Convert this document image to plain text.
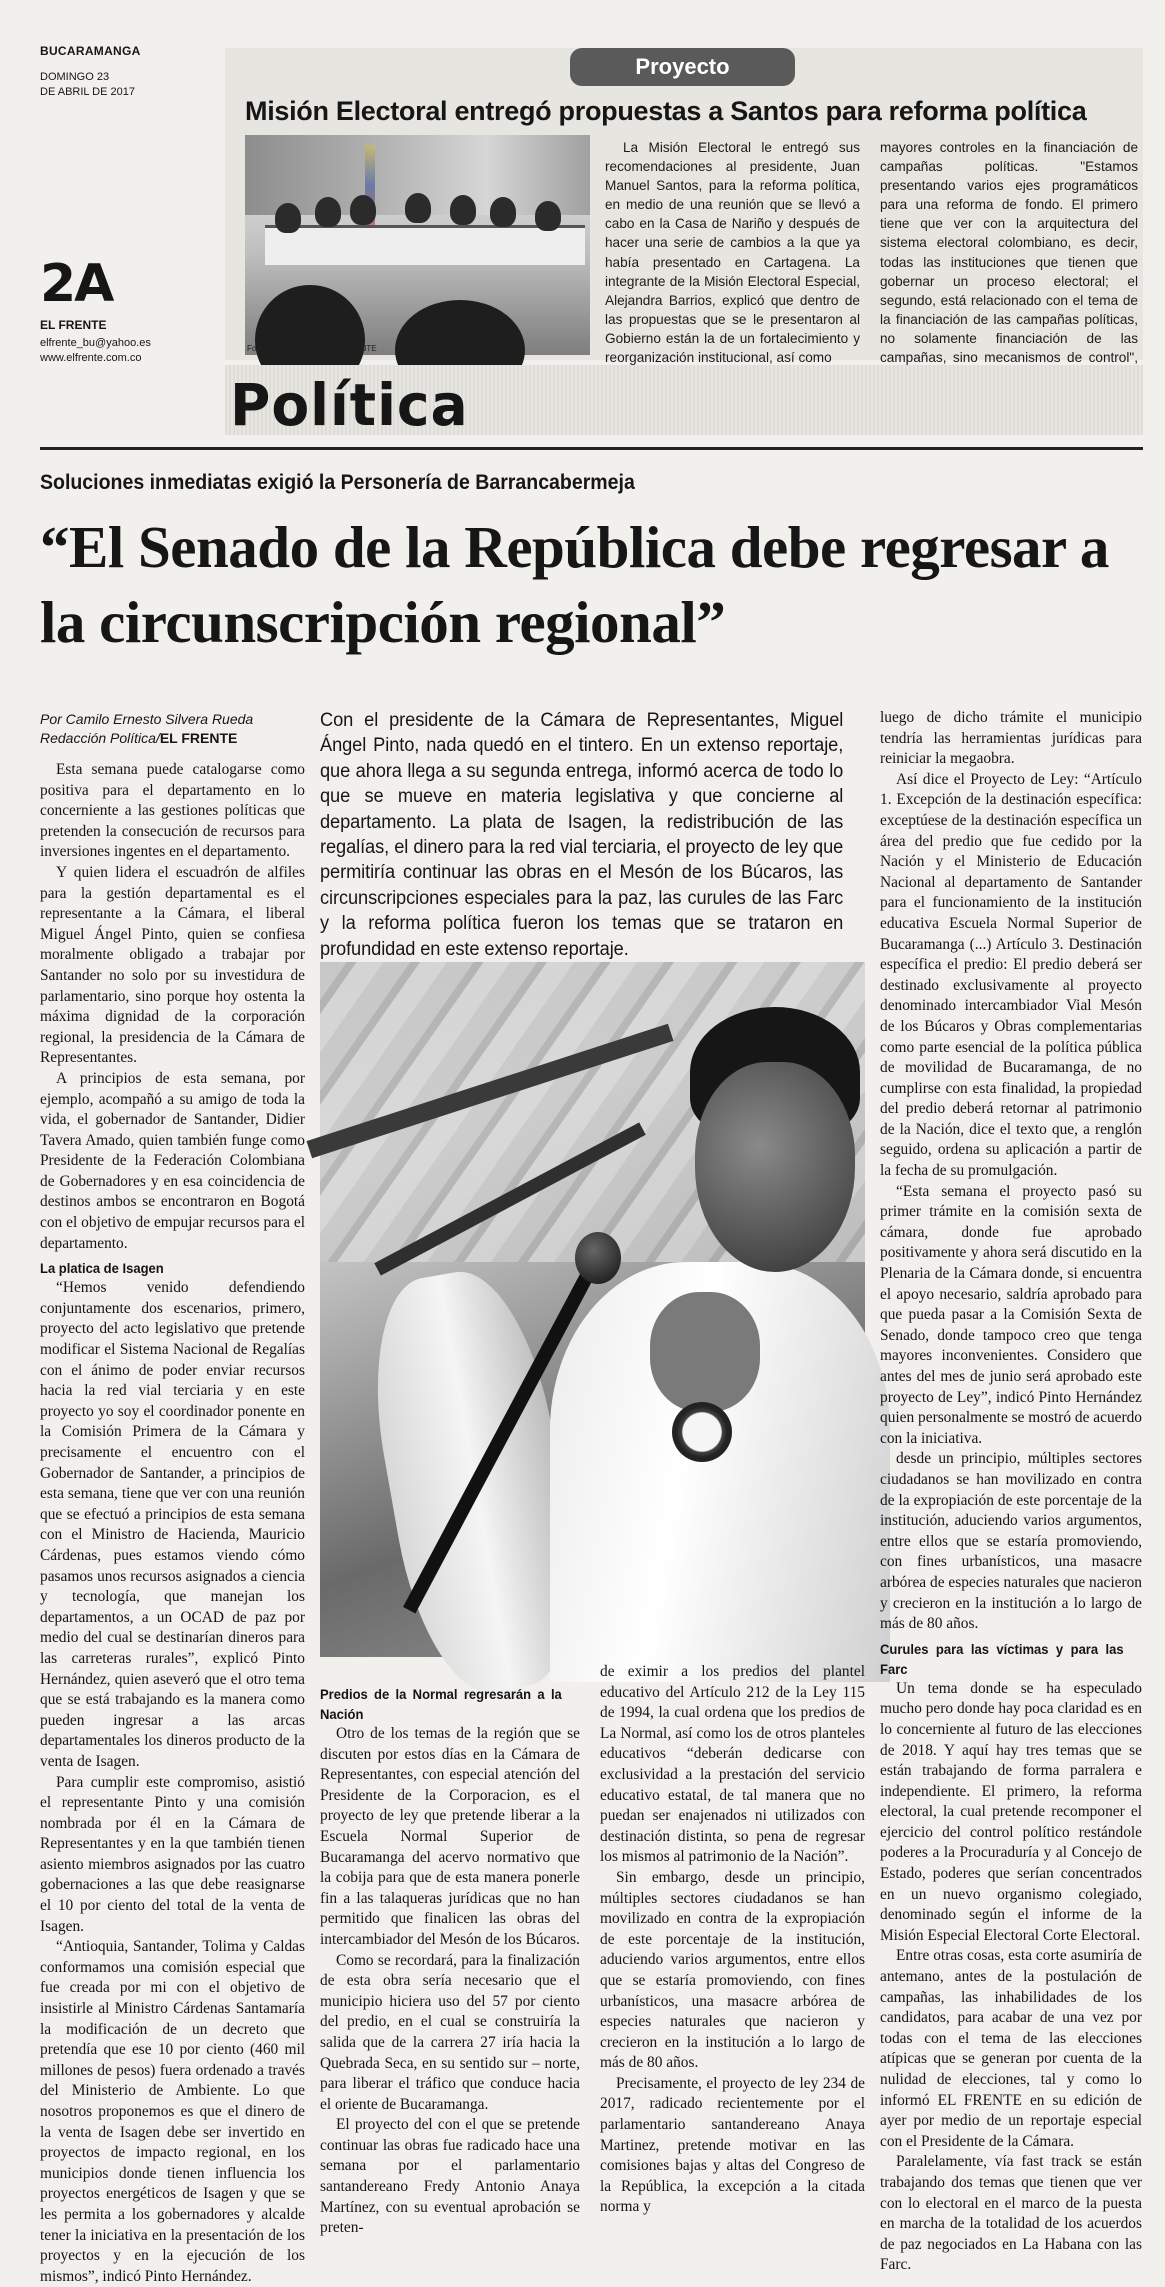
BUCARAMANGA
DOMINGO 23
DE ABRIL DE 2017
2A
EL FRENTE
elfrente_bu@yahoo.es
www.elfrente.com.co
Proyecto
Misión Electoral entregó propuestas a Santos para reforma política
Foto: tomada de la web/EL FRENTE
La Misión Electoral le entregó sus recomendaciones al presidente, Juan Manuel Santos, para la reforma política, en medio de una reunión que se llevó a cabo en la Casa de Nariño y después de hacer una serie de cambios a la que ya había presentado en Cartagena. La integrante de la Misión Electoral Especial, Alejandra Barrios, explicó que dentro de las propuestas que se le presentaron al Gobierno están la de un fortalecimiento y reorganización institucional, así como
mayores controles en la financiación de campañas políticas. "Estamos presentando varios ejes programáticos para una reforma de fondo. El primero tiene que ver con la arquitectura del sistema electoral colombiano, es decir, todas las instituciones que tienen que gobernar un proceso electoral; el segundo, está relacionado con el tema de la financiación de las campañas políticas, no solamente financiación de las campañas, sino mecanismos de control",
Política
Soluciones inmediatas exigió la Personería de Barrancabermeja
“El Senado de la República debe regresar a la circunscripción regional”
Por Camilo Ernesto Silvera Rueda
Redacción Política/EL FRENTE

Esta semana puede catalogarse como positiva para el departamento en lo concerniente a las gestiones políticas que pretenden la consecución de recursos para inversiones ingentes en el departamento.

Y quien lidera el escuadrón de alfiles para la gestión departamental es el representante a la Cámara, el liberal Miguel Ángel Pinto, quien se confiesa moralmente obligado a trabajar por Santander no solo por su investidura de parlamentario, sino porque hoy ostenta la máxima dignidad de la corporación regional, la presidencia de la Cámara de Representantes.

A principios de esta semana, por ejemplo, acompañó a su amigo de toda la vida, el gobernador de Santander, Didier Tavera Amado, quien también funge como Presidente de la Federación Colombiana de Gobernadores y en esa coincidencia de destinos ambos se encontraron en Bogotá con el objetivo de empujar recursos para el departamento.

La platica de Isagen

“Hemos venido defendiendo conjuntamente dos escenarios, primero, proyecto del acto legislativo que pretende modificar el Sistema Nacional de Regalías con el ánimo de poder enviar recursos hacia la red vial terciaria y en este proyecto yo soy el coordinador ponente en la Comisión Primera de la Cámara y precisamente el encuentro con el Gobernador de Santander, a principios de esta semana, tiene que ver con una reunión que se efectuó a principios de esta semana con el Ministro de Hacienda, Mauricio Cárdenas, pues estamos viendo cómo pasamos unos recursos asignados a ciencia y tecnología, que manejan los departamentos, a un OCAD de paz por medio del cual se destinarían dineros para las carreteras rurales”, explicó Pinto Hernández, quien aseveró que el otro tema que se está trabajando es la manera como pueden ingresar a las arcas departamentales los dineros producto de la venta de Isagen.

Para cumplir este compromiso, asistió el representante Pinto y una comisión nombrada por él en la Cámara de Representantes y en la que también tienen asiento miembros asignados por las cuatro gobernaciones a las que debe reasignarse el 10 por ciento del total de la venta de Isagen.

“Antioquia, Santander, Tolima y Caldas conformamos una comisión especial que fue creada por mi con el objetivo de insistirle al Ministro Cárdenas Santamaría la modificación de un decreto que pretendía que ese 10 por ciento (460 mil millones de pesos) fuera ordenado a través del Ministerio de Ambiente. Lo que nosotros proponemos es que el dinero de la venta de Isagen debe ser invertido en proyectos de impacto regional, en los municipios donde tienen influencia los proyectos energéticos de Isagen y que se les permita a los gobernadores y alcalde tener la iniciativa en la presentación de los proyectos y en la ejecución de los mismos”, indicó Pinto Hernández.

Con el presidente de la Cámara de Representantes, Miguel Ángel Pinto, nada quedó en el tintero. En un extenso reportaje, que ahora llega a su segunda entrega, informó acerca de todo lo que se mueve en materia legislativa y que concierne al departamento. La plata de Isagen, la redistribución de las regalías, el dinero para la red vial terciaria, el proyecto de ley que permitiría continuar las obras en el Mesón de los Búcaros, las circunscripciones especiales para la paz, las curules de las Farc y la reforma política fueron los temas que se trataron en profundidad en este extenso reportaje.
Predios de la Normal regresarán a la Nación

Otro de los temas de la región que se discuten por estos días en la Cámara de Representantes, con especial atención del Presidente de la Corporacion, es el proyecto de ley que pretende liberar a la Escuela Normal Superior de Bucaramanga del acervo normativo que la cobija para que de esta manera ponerle fin a las talaqueras jurídicas que no han permitido que finalicen las obras del intercambiador del Mesón de los Búcaros.

Como se recordará, para la finalización de esta obra sería necesario que el municipio hiciera uso del 57 por ciento del predio, en el cual se construiría la salida que de la carrera 27 iría hacia la Quebrada Seca, en su sentido sur – norte, para liberar el tráfico que conduce hacia el oriente de Bucaramanga.

El proyecto del con el que se pretende continuar las obras fue radicado hace una semana por el parlamentario santandereano Fredy Antonio Anaya Martínez, con su eventual aprobación se preten-

de eximir a los predios del plantel educativo del Artículo 212 de la Ley 115 de 1994, la cual ordena que los predios de La Normal, así como los de otros planteles educativos “deberán dedicarse con exclusividad a la prestación del servicio educativo estatal, de tal manera que no puedan ser enajenados ni utilizados con destinación distinta, so pena de regresar los mismos al patrimonio de la Nación”.

Sin embargo, desde un principio, múltiples sectores ciudadanos se han movilizado en contra de la expropiación de este porcentaje de la institución, aduciendo varios argumentos, entre ellos que se estaría promoviendo, con fines urbanísticos, una masacre arbórea de especies naturales que nacieron y crecieron en la institución a lo largo de más de 80 años.

Precisamente, el proyecto de ley 234 de 2017, radicado recientemente por el parlamentario santandereano Anaya Martinez, pretende motivar en las comisiones bajas y altas del Congreso de la República, la excepción a la citada norma y

luego de dicho trámite el municipio tendría las herramientas jurídicas para reiniciar la megaobra.

Así dice el Proyecto de Ley: “Artículo 1. Excepción de la destinación específica: exceptúese de la destinación específica un área del predio que fue cedido por la Nación y el Ministerio de Educación Nacional al departamento de Santander para el funcionamiento de la institución educativa Escuela Normal Superior de Bucaramanga (...) Artículo 3. Destinación específica el predio: El predio deberá ser destinado exclusivamente al proyecto denominado intercambiador Vial Mesón de los Búcaros y Obras complementarias como parte esencial de la política pública de movilidad de Bucaramanga, de no cumplirse con esta finalidad, la propiedad del predio deberá retornar al patrimonio de la Nación, dice el texto que, a renglón seguido, ordena su aplicación a partir de la fecha de su promulgación.

“Esta semana el proyecto pasó su primer trámite en la comisión sexta de cámara, donde fue aprobado positivamente y ahora será discutido en la Plenaria de la Cámara donde, si encuentra el apoyo necesario, saldría aprobado para que pueda pasar a la Comisión Sexta de Senado, donde tampoco creo que tenga mayores inconvenientes. Considero que antes del mes de junio será aprobado este proyecto de Ley”, indicó Pinto Hernández quien personalmente se mostró de acuerdo con la iniciativa.

desde un principio, múltiples sectores ciudadanos se han movilizado en contra de la expropiación de este porcentaje de la institución, aduciendo varios argumentos, entre ellos que se estaría promoviendo, con fines urbanísticos, una masacre arbórea de especies naturales que nacieron y crecieron en la institución a lo largo de más de 80 años.

Curules para las víctimas y para las Farc

Un tema donde se ha especulado mucho pero donde hay poca claridad es en lo concerniente al futuro de las elecciones de 2018. Y aquí hay tres temas que se están trabajando de forma parralera e independiente. El primero, la reforma electoral, la cual pretende recomponer el ejercicio del control político restándole poderes a la Procuraduría y al Concejo de Estado, poderes que serían concentrados en un nuevo organismo colegiado, denominado según el informe de la Misión Especial Electoral Corte Electoral.

Entre otras cosas, esta corte asumiría de antemano, antes de la postulación de campañas, las inhabilidades de los candidatos, para acabar de una vez por todas con el tema de las elecciones atípicas que se generan por cuenta de la nulidad de elecciones, tal y como lo informó EL FRENTE en su edición de ayer por medio de un reportaje especial con el Presidente de la Cámara.

Paralelamente, vía fast track se están trabajando dos temas que tienen que ver con lo electoral en el marco de la puesta en marcha de la totalidad de los acuerdos de paz negociados en La Habana con las Farc.
